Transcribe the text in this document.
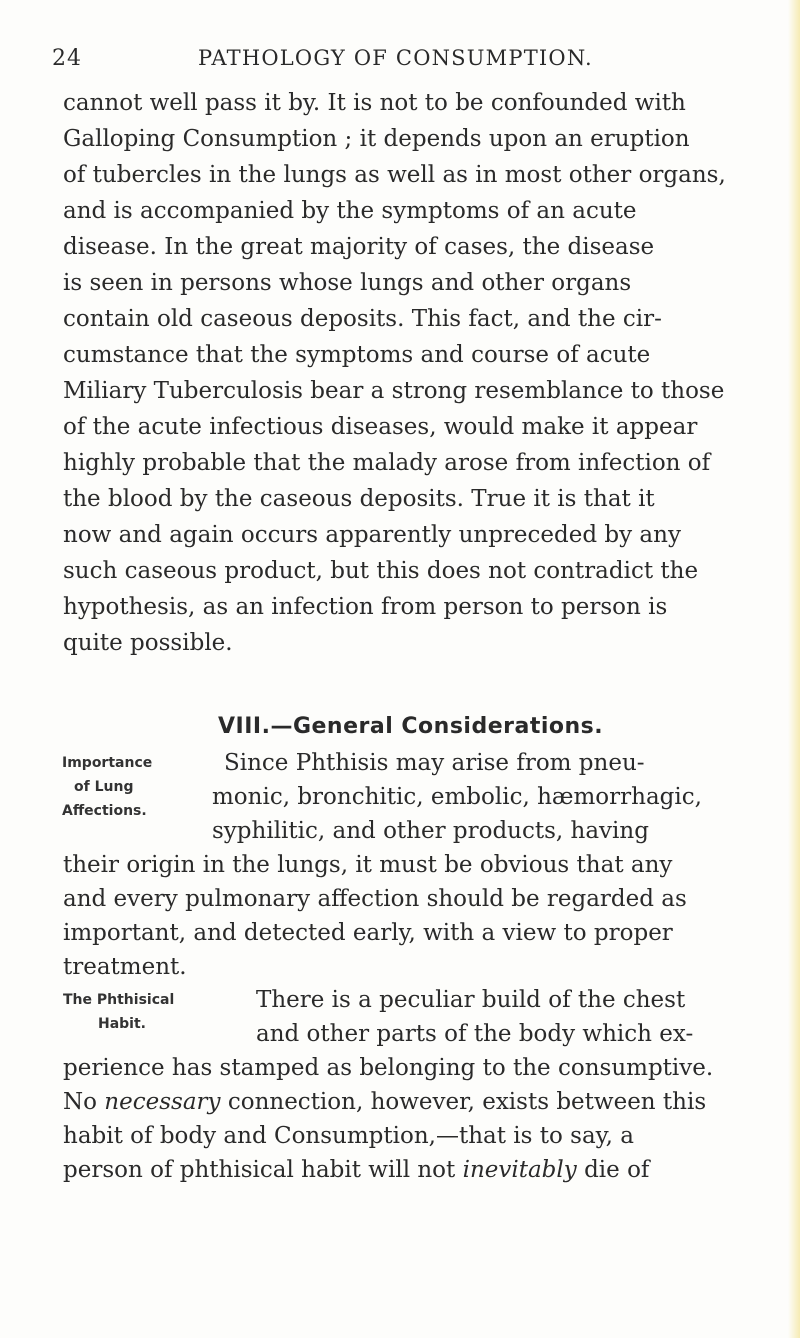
24	PATHOLOGY OF CONSUMPTION.
cannot well pass it by. It is not to be confounded with
Galloping Consumption ; it depends upon an eruption
of tubercles in the lungs as well as in most other organs,
and is accompanied by the symptoms of an acute
disease. In the great majority of cases, the disease
is seen in persons whose lungs and other organs
contain old caseous deposits. This fact, and the cir-
cumstance that the symptoms and course of acute
Miliary Tuberculosis bear a strong resemblance to those
of the acute infectious diseases, would make it appear
highly probable that the malady arose from infection of
the blood by the caseous deposits. True it is that it
now and again occurs apparently unpreceded by any
such caseous product, but this does not contradict the
hypothesis, as an infection from person to person is
quite possible.
VIII.—General Considerations.
Importance
of Lung
Affections.
Since Phthisis may arise from pneu-
monic, bronchitic, embolic, hæmorrhagic,
syphilitic, and other products, having
their origin in the lungs, it must be obvious that any
and every pulmonary affection should be regarded as
important, and detected early, with a view to proper
treatment.
The Phthisical
Habit.
There is a peculiar build of the chest
and other parts of the body which ex-
perience has stamped as belonging to the consumptive.
No necessary connection, however, exists between this
habit of body and Consumption,—that is to say, a
person of phthisical habit will not inevitably die of
